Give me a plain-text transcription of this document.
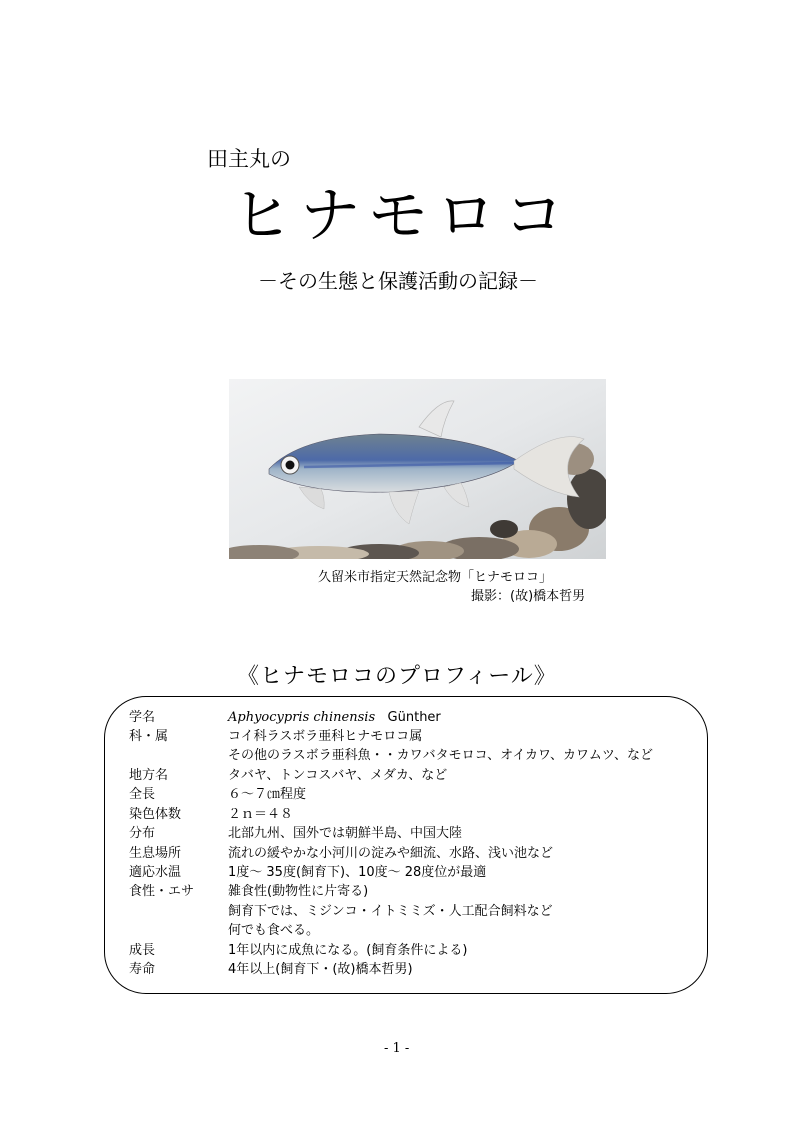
田主丸の
ヒナモロコ
－その生態と保護活動の記録－
久留米市指定天然記念物「ヒナモロコ」
撮影：(故)橋本哲男
《ヒナモロコのプロフィール》
学名	Aphyocypris chinensis Günther
科・属	コイ科ラスボラ亜科ヒナモロコ属
その他のラスボラ亜科魚・・カワバタモロコ、オイカワ、カワムツ、など
地方名	タバヤ、トンコスバヤ、メダカ、など
全長	６～７㎝程度
染色体数	２ｎ＝４８
分布	北部九州、国外では朝鮮半島、中国大陸
生息場所	流れの緩やかな小河川の淀みや細流、水路、浅い池など
適応水温	1度～ 35度(飼育下)、10度～ 28度位が最適
食性・エサ	雑食性(動物性に片寄る)
飼育下では、ミジンコ・イトミミズ・人工配合飼料など
何でも食べる。
成長	1年以内に成魚になる。(飼育条件による)
寿命	4年以上(飼育下・(故)橋本哲男)
- 1 -
